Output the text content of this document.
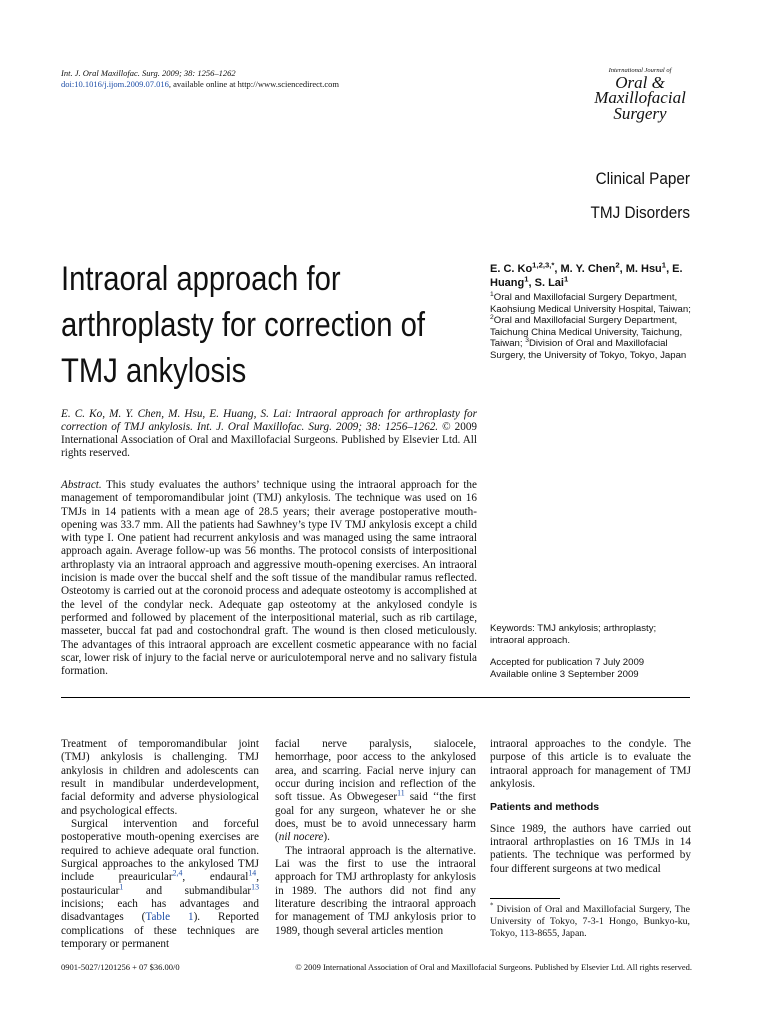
Int. J. Oral Maxillofac. Surg. 2009; 38: 1256–1262
doi:10.1016/j.ijom.2009.07.016, available online at http://www.sciencedirect.com
International Journal of
Oral &
Maxillofacial
Surgery
Clinical Paper
TMJ Disorders
Intraoral approach for
arthroplasty for correction of
TMJ ankylosis
E. C. $Ko^{1,2,3,*}$, M. Y. Chen$^2$, M. Hsu$^1$, E. Huang$^1$, S. Lai$^1$
$^1$Oral and Maxillofacial Surgery Department, Kaohsiung Medical University Hospital, Taiwan; $^2$Oral and Maxillofacial Surgery Department, Taichung China Medical University, Taichung, Taiwan; $^3$Division of Oral and Maxillofacial Surgery, the University of Tokyo, Tokyo, Japan
E. C. Ko, M. Y. Chen, M. Hsu, E. Huang, S. Lai: Intraoral approach for arthroplasty for correction of TMJ ankylosis. Int. J. Oral Maxillofac. Surg. 2009; 38: 1256–1262. © 2009 International Association of Oral and Maxillofacial Surgeons. Published by Elsevier Ltd. All rights reserved.
Abstract. This study evaluates the authors’ technique using the intraoral approach for the management of temporomandibular joint (TMJ) ankylosis. The technique was used on 16 TMJs in 14 patients with a mean age of 28.5 years; their average postoperative mouth-opening was 33.7 mm. All the patients had Sawhney’s type IV TMJ ankylosis except a child with type I. One patient had recurrent ankylosis and was managed using the same intraoral approach again. Average follow-up was 56 months. The protocol consists of interpositional arthroplasty via an intraoral approach and aggressive mouth-opening exercises. An intraoral incision is made over the buccal shelf and the soft tissue of the mandibular ramus reflected. Osteotomy is carried out at the coronoid process and adequate osteotomy is accomplished at the level of the condylar neck. Adequate gap osteotomy at the ankylosed condyle is performed and followed by placement of the interpositional material, such as rib cartilage, masseter, buccal fat pad and costochondral graft. The wound is then closed meticulously. The advantages of this intraoral approach are excellent cosmetic appearance with no facial scar, lower risk of injury to the facial nerve or auriculotemporal nerve and no salivary fistula formation.
Keywords: TMJ ankylosis; arthroplasty; intraoral approach.
Accepted for publication 7 July 2009
Available online 3 September 2009

Treatment of temporomandibular joint (TMJ) ankylosis is challenging. TMJ ankylosis in children and adolescents can result in mandibular underdevelopment, facial deformity and adverse physiological and psychological effects.

Surgical intervention and forceful postoperative mouth-opening exercises are required to achieve adequate oral function. Surgical approaches to the ankylosed TMJ include preauricular$^{2,4}$, endaural$^{14}$, postauricular$^1$ and submandibular$^{13}$ incisions; each has advantages and disadvantages (Table 1). Reported complications of these techniques are temporary or permanent

facial nerve paralysis, sialocele, hemorrhage, poor access to the ankylosed area, and scarring. Facial nerve injury can occur during incision and reflection of the soft tissue. As Obwegeser$^{11}$ said ‘‘the first goal for any surgeon, whatever he or she does, must be to avoid unnecessary harm (nil nocere).

The intraoral approach is the alternative. Lai was the first to use the intraoral approach for TMJ arthroplasty for ankylosis in 1989. The authors did not find any literature describing the intraoral approach for management of TMJ ankylosis prior to 1989, though several articles mention

intraoral approaches to the condyle. The purpose of this article is to evaluate the intraoral approach for management of TMJ ankylosis.

Patients and methods

Since 1989, the authors have carried out intraoral arthroplasties on 16 TMJs in 14 patients. The technique was performed by four different surgeons at two medical

* Division of Oral and Maxillofacial Surgery, The University of Tokyo, 7-3-1 Hongo, Bunkyo-ku, Tokyo, 113-8655, Japan.
0901-5027/1201256 + 07 $36.00/0	© 2009 International Association of Oral and Maxillofacial Surgeons. Published by Elsevier Ltd. All rights reserved.
